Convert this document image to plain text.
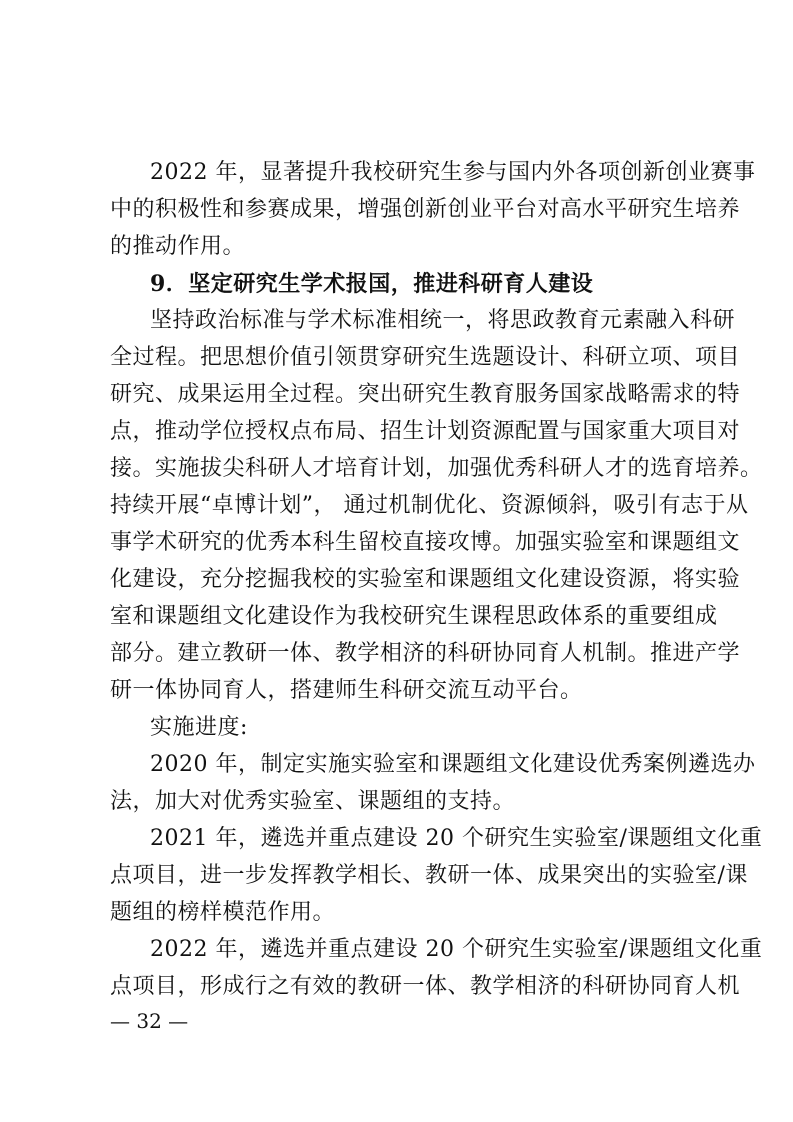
2022 年，显著提升我校研究生参与国内外各项创新创业赛事
中的积极性和参赛成果，增强创新创业平台对高水平研究生培养
的推动作用。
9．坚定研究生学术报国，推进科研育人建设
坚持政治标准与学术标准相统一，将思政教育元素融入科研
全过程。把思想价值引领贯穿研究生选题设计、科研立项、项目
研究、成果运用全过程。突出研究生教育服务国家战略需求的特
点，推动学位授权点布局、招生计划资源配置与国家重大项目对
接。实施拔尖科研人才培育计划，加强优秀科研人才的选育培养。
持续开展“卓博计划”， 通过机制优化、资源倾斜，吸引有志于从
事学术研究的优秀本科生留校直接攻博。加强实验室和课题组文
化建设，充分挖掘我校的实验室和课题组文化建设资源，将实验
室和课题组文化建设作为我校研究生课程思政体系的重要组成
部分。建立教研一体、教学相济的科研协同育人机制。推进产学
研一体协同育人，搭建师生科研交流互动平台。
实施进度:
2020 年，制定实施实验室和课题组文化建设优秀案例遴选办
法，加大对优秀实验室、课题组的支持。
2021 年，遴选并重点建设 20 个研究生实验室/课题组文化重
点项目，进一步发挥教学相长、教研一体、成果突出的实验室/课
题组的榜样模范作用。
2022 年，遴选并重点建设 20 个研究生实验室/课题组文化重
点项目，形成行之有效的教研一体、教学相济的科研协同育人机
— 32 —
